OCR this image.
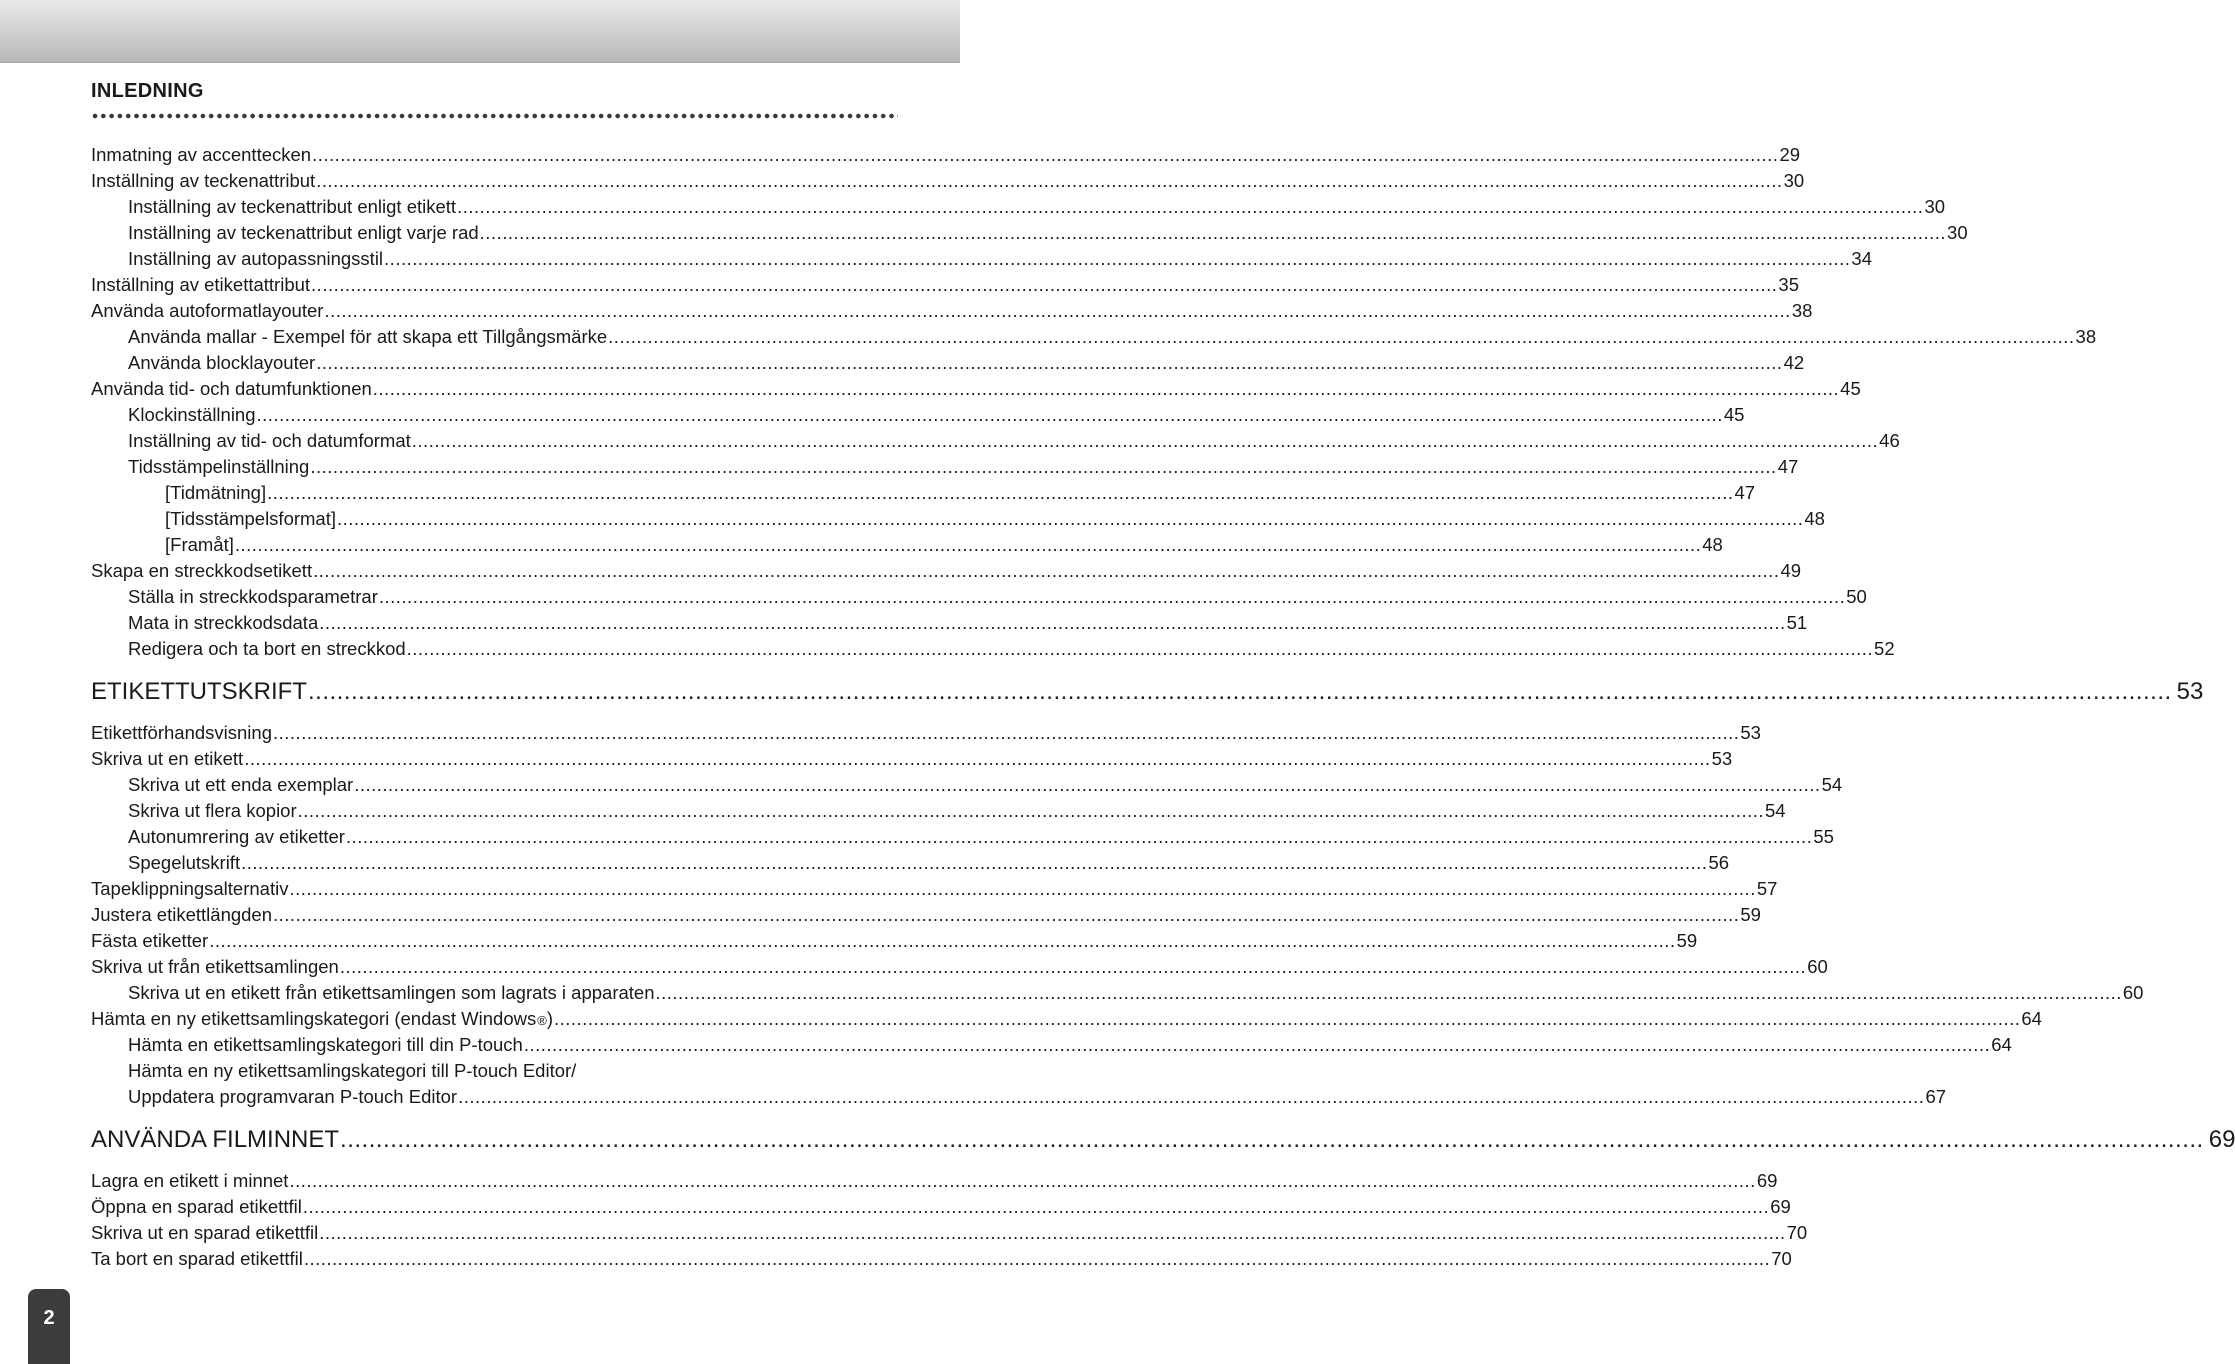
INLEDNING
Inmatning av accenttecken .................................................................................................................................................................................................................................................................... 29
Inställning av teckenattribut .................................................................................................................................................................................................................................................................... 30
Inställning av teckenattribut enligt etikett .................................................................................................................................................................................................................................................................... 30
Inställning av teckenattribut enligt varje rad .................................................................................................................................................................................................................................................................... 30
Inställning av autopassningsstil .................................................................................................................................................................................................................................................................... 34
Inställning av etikettattribut .................................................................................................................................................................................................................................................................... 35
Använda autoformatlayouter .................................................................................................................................................................................................................................................................... 38
Använda mallar - Exempel för att skapa ett Tillgångsmärke .................................................................................................................................................................................................................................................................... 38
Använda blocklayouter .................................................................................................................................................................................................................................................................... 42
Använda tid- och datumfunktionen .................................................................................................................................................................................................................................................................... 45
Klockinställning .................................................................................................................................................................................................................................................................... 45
Inställning av tid- och datumformat .................................................................................................................................................................................................................................................................... 46
Tidsstämpelinställning .................................................................................................................................................................................................................................................................... 47
[Tidmätning] .................................................................................................................................................................................................................................................................... 47
[Tidsstämpelsformat] .................................................................................................................................................................................................................................................................... 48
[Framåt] .................................................................................................................................................................................................................................................................... 48
Skapa en streckkodsetikett .................................................................................................................................................................................................................................................................... 49
Ställa in streckkodsparametrar .................................................................................................................................................................................................................................................................... 50
Mata in streckkodsdata .................................................................................................................................................................................................................................................................... 51
Redigera och ta bort en streckkod .................................................................................................................................................................................................................................................................... 52
ETIKETTUTSKRIFT .................................................................................................................................................................................................................................................................... 53
Etikettförhandsvisning .................................................................................................................................................................................................................................................................... 53
Skriva ut en etikett .................................................................................................................................................................................................................................................................... 53
Skriva ut ett enda exemplar .................................................................................................................................................................................................................................................................... 54
Skriva ut flera kopior .................................................................................................................................................................................................................................................................... 54
Autonumrering av etiketter .................................................................................................................................................................................................................................................................... 55
Spegelutskrift .................................................................................................................................................................................................................................................................... 56
Tapeklippningsalternativ .................................................................................................................................................................................................................................................................... 57
Justera etikettlängden .................................................................................................................................................................................................................................................................... 59
Fästa etiketter .................................................................................................................................................................................................................................................................... 59
Skriva ut från etikettsamlingen .................................................................................................................................................................................................................................................................... 60
Skriva ut en etikett från etikettsamlingen som lagrats i apparaten .................................................................................................................................................................................................................................................................... 60
Hämta en ny etikettsamlingskategori (endast Windows ® ) .................................................................................................................................................................................................................................................................... 64
Hämta en etikettsamlingskategori till din P-touch .................................................................................................................................................................................................................................................................... 64
Hämta en ny etikettsamlingskategori till P-touch Editor/
Uppdatera programvaran P-touch Editor .................................................................................................................................................................................................................................................................... 67
ANVÄNDA FILMINNET .................................................................................................................................................................................................................................................................... 69
Lagra en etikett i minnet .................................................................................................................................................................................................................................................................... 69
Öppna en sparad etikettfil .................................................................................................................................................................................................................................................................... 69
Skriva ut en sparad etikettfil .................................................................................................................................................................................................................................................................... 70
Ta bort en sparad etikettfil .................................................................................................................................................................................................................................................................... 70
2
